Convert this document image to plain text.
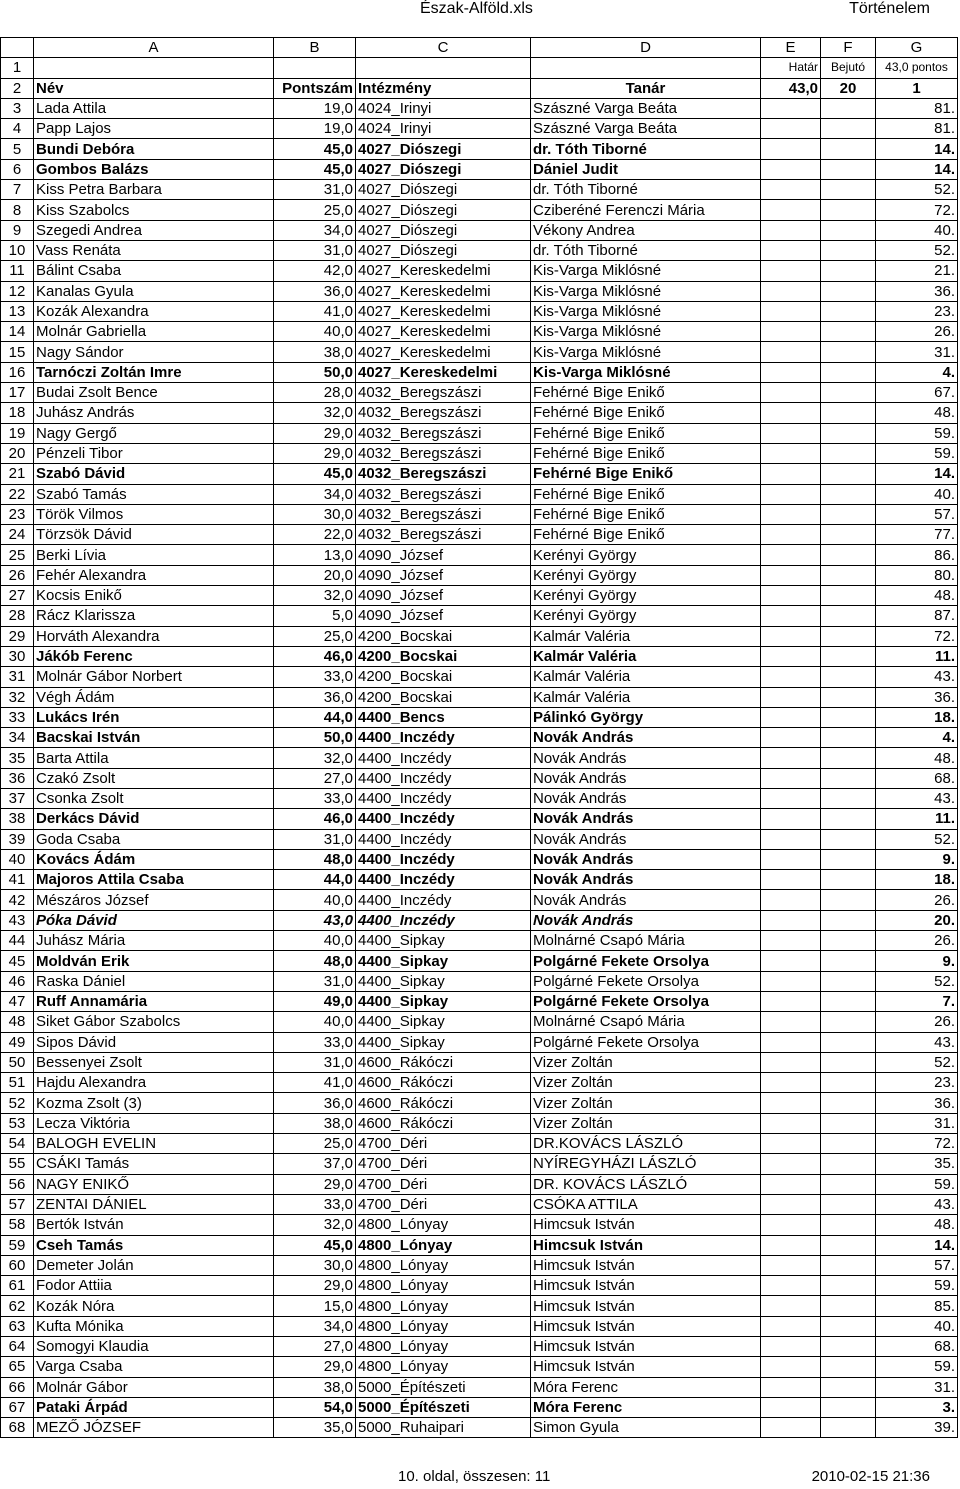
Észak-Alföld.xls	Történelem
	A	B	C	D	E	F	G
1					Határ	Bejutó	43,0 pontos
2	Név	Pontszám	Intézmény	Tanár	43,0	20	1
3	Lada Attila	19,0	4024_Irinyi	Szászné Varga Beáta			81.
4	Papp Lajos	19,0	4024_Irinyi	Szászné Varga Beáta			81.
5	Bundi Debóra	45,0	4027_Diószegi	dr. Tóth Tiborné			14.
6	Gombos Balázs	45,0	4027_Diószegi	Dániel Judit			14.
7	Kiss Petra Barbara	31,0	4027_Diószegi	dr. Tóth Tiborné			52.
8	Kiss Szabolcs	25,0	4027_Diószegi	Cziberéné Ferenczi Mária			72.
9	Szegedi Andrea	34,0	4027_Diószegi	Vékony Andrea			40.
10	Vass Renáta	31,0	4027_Diószegi	dr. Tóth Tiborné			52.
11	Bálint Csaba	42,0	4027_Kereskedelmi	Kis-Varga Miklósné			21.
12	Kanalas Gyula	36,0	4027_Kereskedelmi	Kis-Varga Miklósné			36.
13	Kozák Alexandra	41,0	4027_Kereskedelmi	Kis-Varga Miklósné			23.
14	Molnár Gabriella	40,0	4027_Kereskedelmi	Kis-Varga Miklósné			26.
15	Nagy Sándor	38,0	4027_Kereskedelmi	Kis-Varga Miklósné			31.
16	Tarnóczi Zoltán Imre	50,0	4027_Kereskedelmi	Kis-Varga Miklósné			4.
17	Budai Zsolt Bence	28,0	4032_Beregszászi	Fehérné Bige Enikő			67.
18	Juhász András	32,0	4032_Beregszászi	Fehérné Bige Enikő			48.
19	Nagy Gergő	29,0	4032_Beregszászi	Fehérné Bige Enikő			59.
20	Pénzeli Tibor	29,0	4032_Beregszászi	Fehérné Bige Enikő			59.
21	Szabó Dávid	45,0	4032_Beregszászi	Fehérné Bige Enikő			14.
22	Szabó Tamás	34,0	4032_Beregszászi	Fehérné Bige Enikő			40.
23	Török Vilmos	30,0	4032_Beregszászi	Fehérné Bige Enikő			57.
24	Törzsök Dávid	22,0	4032_Beregszászi	Fehérné Bige Enikő			77.
25	Berki Lívia	13,0	4090_József	Kerényi György			86.
26	Fehér Alexandra	20,0	4090_József	Kerényi György			80.
27	Kocsis Enikő	32,0	4090_József	Kerényi György			48.
28	Rácz Klarissza	5,0	4090_József	Kerényi György			87.
29	Horváth Alexandra	25,0	4200_Bocskai	Kalmár Valéria			72.
30	Jákób Ferenc	46,0	4200_Bocskai	Kalmár Valéria			11.
31	Molnár Gábor Norbert	33,0	4200_Bocskai	Kalmár Valéria			43.
32	Végh Ádám	36,0	4200_Bocskai	Kalmár Valéria			36.
33	Lukács Irén	44,0	4400_Bencs	Pálinkó György			18.
34	Bacskai István	50,0	4400_Inczédy	Novák András			4.
35	Barta Attila	32,0	4400_Inczédy	Novák András			48.
36	Czakó Zsolt	27,0	4400_Inczédy	Novák András			68.
37	Csonka Zsolt	33,0	4400_Inczédy	Novák András			43.
38	Derkács Dávid	46,0	4400_Inczédy	Novák András			11.
39	Goda Csaba	31,0	4400_Inczédy	Novák András			52.
40	Kovács Ádám	48,0	4400_Inczédy	Novák András			9.
41	Majoros Attila Csaba	44,0	4400_Inczédy	Novák András			18.
42	Mészáros József	40,0	4400_Inczédy	Novák András			26.
43	Póka Dávid	43,0	4400_Inczédy	Novák András			20.
44	Juhász Mária	40,0	4400_Sipkay	Molnárné Csapó Mária			26.
45	Moldván Erik	48,0	4400_Sipkay	Polgárné Fekete Orsolya			9.
46	Raska Dániel	31,0	4400_Sipkay	Polgárné Fekete Orsolya			52.
47	Ruff Annamária	49,0	4400_Sipkay	Polgárné Fekete Orsolya			7.
48	Siket Gábor Szabolcs	40,0	4400_Sipkay	Molnárné Csapó Mária			26.
49	Sipos Dávid	33,0	4400_Sipkay	Polgárné Fekete Orsolya			43.
50	Bessenyei Zsolt	31,0	4600_Rákóczi	Vizer Zoltán			52.
51	Hajdu Alexandra	41,0	4600_Rákóczi	Vizer Zoltán			23.
52	Kozma Zsolt (3)	36,0	4600_Rákóczi	Vizer Zoltán			36.
53	Lecza Viktória	38,0	4600_Rákóczi	Vizer Zoltán			31.
54	BALOGH EVELIN	25,0	4700_Déri	DR.KOVÁCS LÁSZLÓ			72.
55	CSÁKI Tamás	37,0	4700_Déri	NYÍREGYHÁZI LÁSZLÓ			35.
56	NAGY ENIKŐ	29,0	4700_Déri	DR. KOVÁCS LÁSZLÓ			59.
57	ZENTAI DÁNIEL	33,0	4700_Déri	CSÓKA ATTILA			43.
58	Bertók István	32,0	4800_Lónyay	Himcsuk István			48.
59	Cseh Tamás	45,0	4800_Lónyay	Himcsuk István			14.
60	Demeter Jolán	30,0	4800_Lónyay	Himcsuk István			57.
61	Fodor Attiia	29,0	4800_Lónyay	Himcsuk István			59.
62	Kozák Nóra	15,0	4800_Lónyay	Himcsuk István			85.
63	Kufta Mónika	34,0	4800_Lónyay	Himcsuk István			40.
64	Somogyi Klaudia	27,0	4800_Lónyay	Himcsuk István			68.
65	Varga Csaba	29,0	4800_Lónyay	Himcsuk István			59.
66	Molnár Gábor	38,0	5000_Építészeti	Móra Ferenc			31.
67	Pataki Árpád	54,0	5000_Építészeti	Móra Ferenc			3.
68	MEZŐ JÓZSEF	35,0	5000_Ruhaipari	Simon Gyula			39.
10. oldal, összesen: 11	2010-02-15 21:36
